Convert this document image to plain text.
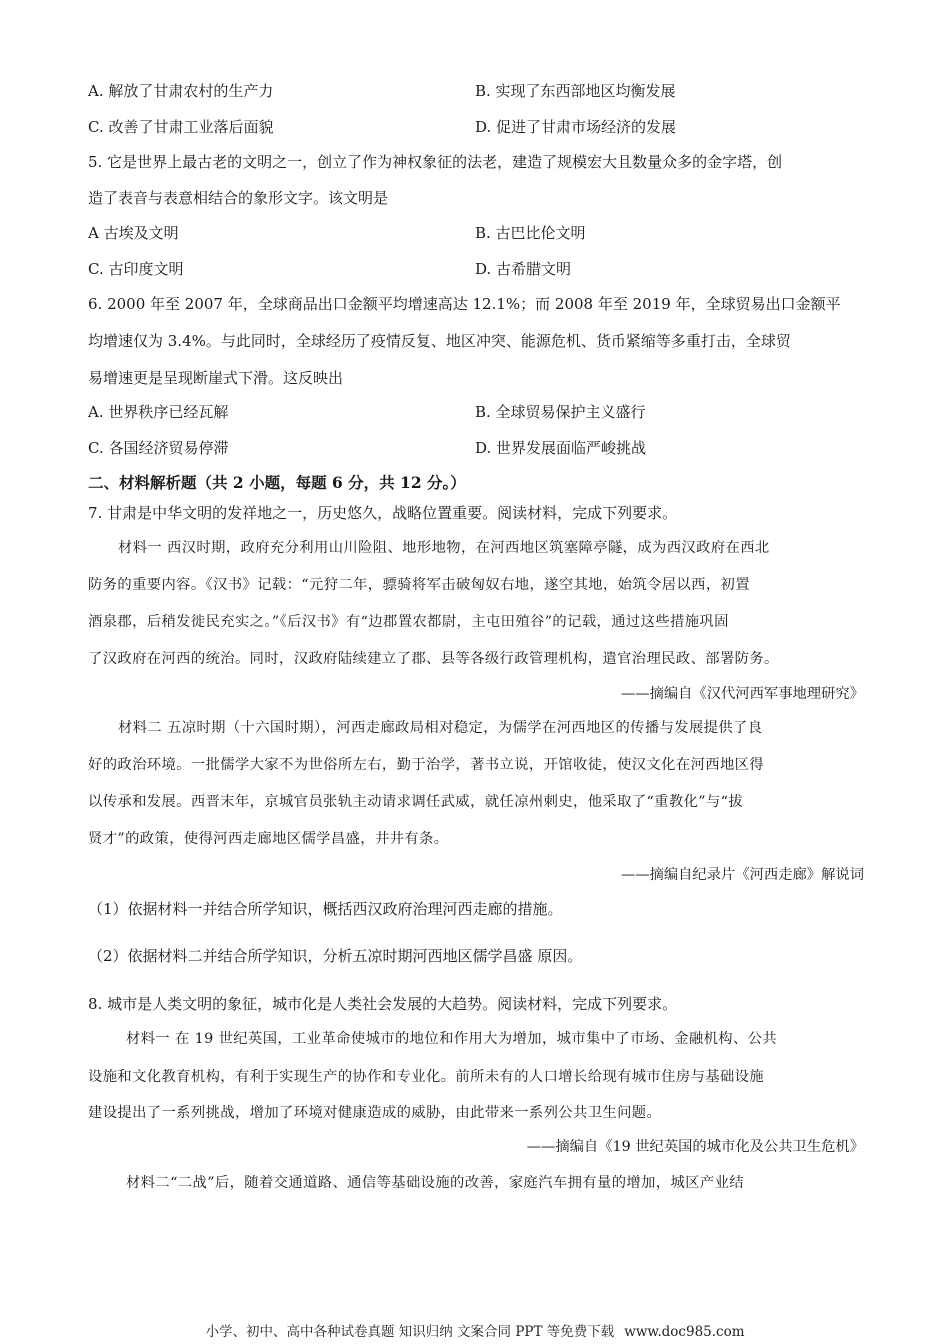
A. 解放了甘肃农村的生产力	B. 实现了东西部地区均衡发展
C. 改善了甘肃工业落后面貌	D. 促进了甘肃市场经济的发展
5. 它是世界上最古老的文明之一，创立了作为神权象征的法老，建造了规模宏大且数量众多的金字塔，创
造了表音与表意相结合的象形文字。该文明是
A 古埃及文明	B. 古巴比伦文明
C. 古印度文明	D. 古希腊文明
6. 2000 年至 2007 年，全球商品出口金额平均增速高达 12.1%；而 2008 年至 2019 年，全球贸易出口金额平
均增速仅为 3.4%。与此同时，全球经历了疫情反复、地区冲突、能源危机、货币紧缩等多重打击，全球贸
易增速更是呈现断崖式下滑。这反映出
A. 世界秩序已经瓦解	B. 全球贸易保护主义盛行
C. 各国经济贸易停滞	D. 世界发展面临严峻挑战
二、材料解析题（共 2 小题，每题 6 分，共 12 分。）
7. 甘肃是中华文明的发祥地之一，历史悠久，战略位置重要。阅读材料，完成下列要求。
材料一 西汉时期，政府充分利用山川险阻、地形地物，在河西地区筑塞障亭隧，成为西汉政府在西北
防务的重要内容。《汉书》记载：“元狩二年，骠骑将军击破匈奴右地，遂空其地，始筑令居以西，初置
酒泉郡，后稍发徙民充实之。”《后汉书》有“边郡置农都尉，主屯田殖谷”的记载，通过这些措施巩固
了汉政府在河西的统治。同时，汉政府陆续建立了郡、县等各级行政管理机构，遣官治理民政、部署防务。
——摘编自《汉代河西军事地理研究》
材料二 五凉时期（十六国时期），河西走廊政局相对稳定，为儒学在河西地区的传播与发展提供了良
好的政治环境。一批儒学大家不为世俗所左右，勤于治学，著书立说，开馆收徒，使汉文化在河西地区得
以传承和发展。西晋末年，京城官员张轨主动请求调任武威，就任凉州刺史，他采取了“重教化”与“拔
贤才”的政策，使得河西走廊地区儒学昌盛，井井有条。
——摘编自纪录片《河西走廊》解说词
（1）依据材料一并结合所学知识，概括西汉政府治理河西走廊的措施。
（2）依据材料二并结合所学知识，分析五凉时期河西地区儒学昌盛 原因。
8. 城市是人类文明的象征，城市化是人类社会发展的大趋势。阅读材料，完成下列要求。
材料一 在 19 世纪英国，工业革命使城市的地位和作用大为增加，城市集中了市场、金融机构、公共
设施和文化教育机构，有利于实现生产的协作和专业化。前所未有的人口增长给现有城市住房与基础设施
建设提出了一系列挑战，增加了环境对健康造成的威胁，由此带来一系列公共卫生问题。
——摘编自《19 世纪英国的城市化及公共卫生危机》
材料二“二战”后，随着交通道路、通信等基础设施的改善，家庭汽车拥有量的增加，城区产业结
小学、初中、高中各种试卷真题 知识归纳 文案合同 PPT 等免费下载 www.doc985.com
